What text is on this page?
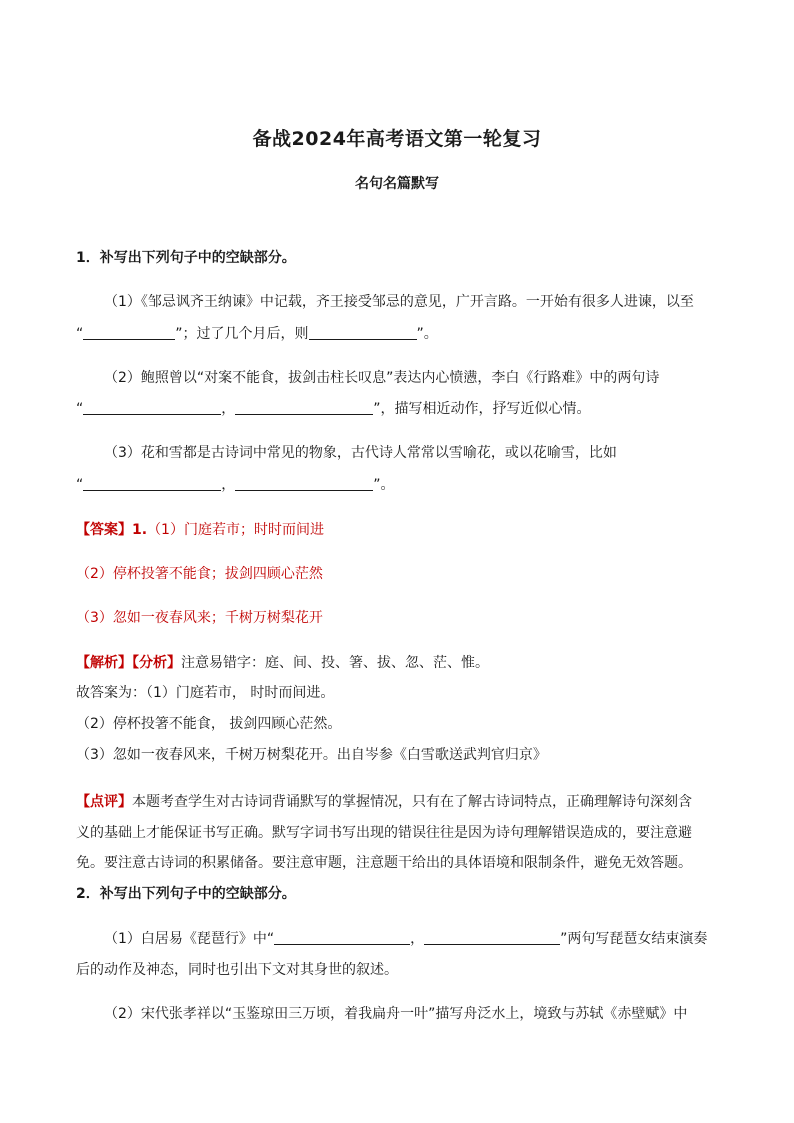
备战2024年高考语文第一轮复习
名句名篇默写
1．补写出下列句子中的空缺部分。
（1）《邹忌讽齐王纳谏》中记载，齐王接受邹忌的意见，广开言路。一开始有很多人进谏，以至
“	”；过了几个月后，则	”。
（2）鲍照曾以“对案不能食，拔剑击柱长叹息”表达内心愤懑，李白《行路难》中的两句诗
“	，	”，描写相近动作，抒写近似心情。
（3）花和雪都是古诗词中常见的物象，古代诗人常常以雪喻花，或以花喻雪，比如
“	，	”。
【答案】1.（1）门庭若市；时时而间进
（2）停杯投箸不能食；拔剑四顾心茫然
（3）忽如一夜春风来；千树万树梨花开
【解析】【分析】注意易错字：庭、间、投、箸、拔、忽、茫、惟。
故答案为：（1）门庭若市， 时时而间进。
（2）停杯投箸不能食， 拔剑四顾心茫然。
（3）忽如一夜春风来，千树万树梨花开。出自岑参《白雪歌送武判官归京》
【点评】本题考查学生对古诗词背诵默写的掌握情况，只有在了解古诗词特点，正确理解诗句深刻含
义的基础上才能保证书写正确。默写字词书写出现的错误往往是因为诗句理解错误造成的，要注意避
免。要注意古诗词的积累储备。要注意审题，注意题干给出的具体语境和限制条件，避免无效答题。
2．补写出下列句子中的空缺部分。
（1）白居易《琵琶行》中“	，	”两句写琵琶女结束演奏
后的动作及神态，同时也引出下文对其身世的叙述。
（2）宋代张孝祥以“玉鉴琼田三万顷，着我扁舟一叶”描写舟泛水上，境致与苏轼《赤壁赋》中
